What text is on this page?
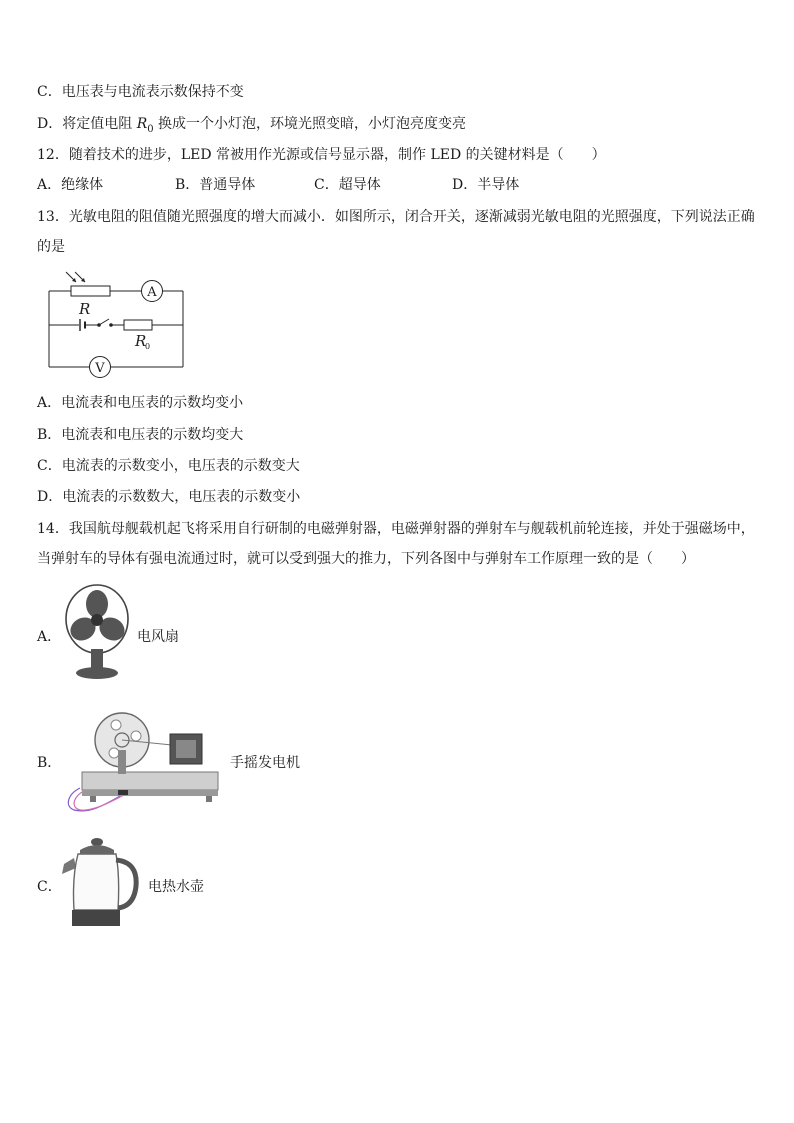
C．电压表与电流表示数保持不变
D．将定值电阻 $R_0$ 换成一个小灯泡，环境光照变暗，小灯泡亮度变亮
12．随着技术的进步，LED 常被用作光源或信号显示器，制作 LED 的关键材料是（　　）
A．绝缘体	B．普通导体	C．超导体	D．半导体
13．光敏电阻的阻值随光照强度的增大而减小．如图所示，闭合开关，逐渐减弱光敏电阻的光照强度，下列说法正确
的是
R
R
0
A
V
A．电流表和电压表的示数均变小
B．电流表和电压表的示数均变大
C．电流表的示数变小，电压表的示数变大
D．电流表的示数数大，电压表的示数变小
14．我国航母舰载机起飞将采用自行研制的电磁弹射器，电磁弹射器的弹射车与舰载机前轮连接，并处于强磁场中，
当弹射车的导体有强电流通过时，就可以受到强大的推力，下列各图中与弹射车工作原理一致的是（　　）
A．	电风扇
B．	手摇发电机
C．	电热水壶
